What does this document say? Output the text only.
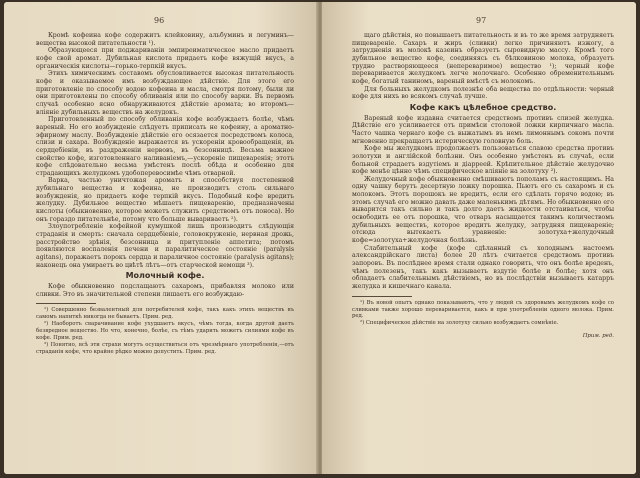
96

Кромѣ кофеина кофе содержитъ клейковину, альбуминъ и легуминъ—вещества высокой питательности ¹).

Образующееся при поджариваніи эмпиреиматическое масло придаетъ кофе свой аромат. Дубильная кислота придаетъ кофе вяжущій вкусъ, а органическія кислоты—горько-терпкій вкусъ.

Этихъ химическимъ составомъ обусловливается высокая питательность кофе и оказываемое имъ возбуждающее дѣйствіе. Для этого его приготовленіе по способу водою кофеина и масла, смотря потому, были ли они приготовлены по способу обливанія или по способу варки. Въ первомъ случаѣ особенно ясно обнаруживаются дѣйствіе аромата; во второмъ—вліяніе дубильныхъ веществъ на желудокъ.

Приготовленный по способу обливанія кофе возбуждаетъ болѣе, чѣмъ вареный. Но его возбужденіе слѣдуетъ приписать не кофеину, а ароматно-эфирному маслу. Возбужденіе дѣйствіе его осязается посредствомъ колоса, слизи и сахара. Возбужденіе выражается въ ускореніи кровообращенія, въ сердцебіеніи, въ раздраженіи нервовъ, въ безсонницѣ. Весьма важное свойство кофе, изготовленнаго наливаніемъ,—ускореніе пищеваренія; этотъ кофе слѣдовательно весьма умѣстенъ послѣ обѣда и особенно для страдающихъ желудкомъ удобоперевосимѣе чѣмъ отварной.

Варка, частью уничтожая ароматъ и способствуя постепенной дубильнаго вещества и кофеина, не производитъ столь сильнаго возбужденія, но придаетъ кофе терпкій вкусъ. Подобный кофе вредитъ желудку. Дубильное вещество мѣшаетъ пищеваренію, предназначены кислоты (обыкновенно, которое можетъ служить средствомъ отъ поноса). Но онъ гораздо питательнѣе, потому что больше вывариваетъ ²).

Злоупотребленіе кофейной кумушкой лишь производитъ слѣдующія страданія и смерть: сначала сердцебіеніе, головокруженіе, нервная дрожь, расстройство зрѣнія, безсонница и притупленіе аппетита; потомъ появляются воспаленія печени и паралитическое состояніе (paralysis agitans), поражаетъ порокъ сердца и параличное состояніе (paralysis agitans); наконецъ она умираетъ во цвѣтѣ лѣтъ—отъ старческой немощи ³).

Молочный кофе.

Кофе обыкновенно подслащаютъ сахаромъ, прибавляя молоко или сливки. Это въ значительной степени лишаетъ его возбуждаю-

¹) Совершенно безвалентный для потребителей кофе, такъ какъ этихъ веществъ въ самомъ напиткѣ никогда не бываетъ. Прим. ред.

²) Наоборотъ сварачивание кофе ухудшаетъ вкусъ, чѣмъ тогда, когда другой даетъ безвредное вещество. Но что, конечно, болѣе, съ тѣмъ ударить можетъ силиями кофе въ кофе. Прим. ред.

³) Понятно, всѣ эти страхи могутъ осуществиться отъ чрезмѣрнаго употребленія,—отъ страданія кофе, что крайне рѣдко можно допустить. Прим. ред.

97

щаго дѣйствія, но повышаетъ питательность и въ то же время затрудняетъ пищевареніе. Сахаръ и жиръ (сливки) легко причиняютъ изжогу, а затрудненія въ молокѣ казеинъ образуетъ сыровидную массу. Кромѣ того дубильное вещество кофе, соединяясь съ бѣлковиною молока, образуетъ трудно растворяющееся (непереваримое) вещество ¹); черный кофе переваривается желудкомъ легче молочнаго. Особенно обременительнымъ кофе, богатый таниномъ, вареный вмѣстѣ съ молокомъ.

Для больныхъ желудкомъ полезнѣе оба вещества по отдѣльности: черный кофе для нихъ во всякомъ случаѣ лучше.

Кофе какъ цѣлебное средство.

Вареный кофе издавна считается средствомъ противъ слизей желудка. Дѣйствіе его усиливается отъ примѣси столовой ложки кирпичнаго масла. Часто чашка чернаго кофе съ выжатымъ въ немъ лимоннымъ сокомъ почти мгновенно прекращаетъ истерическую головную боль.

Кофе мы желудкомъ продолжаетъ пользоваться славою средства противъ золотухи и англійской болѣзни. Онъ особенно умѣстенъ въ случаѣ, если больной страдаетъ вздутіемъ и діарреей. Крѣпительное дѣйствіе желудочно кофе менѣе цѣнно чѣмъ специфическое вліяніе на золотуху ²).

Желудочный кофе обыкновенно смѣшиваютъ пополамъ съ настоящимъ. На одну чашку берутъ десертную ложку порошка. Пьютъ его съ сахаромъ и съ молокомъ. Этотъ порошокъ не вредитъ, если его сдѣлать горячо водою; въ этомъ случаѣ его можно давать даже маленькимъ дѣтямъ. Но обыкновенно его выварится такъ сильно и такъ долго даетъ жидкости отстаиваться, чтобы освободить ее отъ порошка, что отваръ насыщается такимъ количествомъ дубильныхъ веществъ, которое вредитъ желудку, затрудняя пищевареніе; отсюда вытекаетъ уравненіе: золотуха+желудочный кофе=золотуха+желудочная болѣзнь.

Слабительный кофе (кофе сдѣланный съ холоднымъ настоемъ александрійскаго листа) более 20 лѣтъ считается средствомъ противъ запоровъ. Въ послѣднее время стали однако говорить, что онъ болѣе вреденъ, чѣмъ полезенъ, такъ какъ вызываетъ вздутіе болѣе и болѣе; хотя онъ обладаетъ слабительнымъ дѣйствіемъ, но въ послѣдствіи вызываетъ катарръ желудка и кишечнаго канала.

¹) Въ новой опытъ однако показываютъ, что у людей съ здоровымъ желудкомъ кофе со сливками также хорошо переваривается, какъ и при употребленіи одного молока. Прим. ред.

²) Специфическое дѣйствіе на золотуху сильно возбуждаетъ сомнѣніе.

Прим. ред.
